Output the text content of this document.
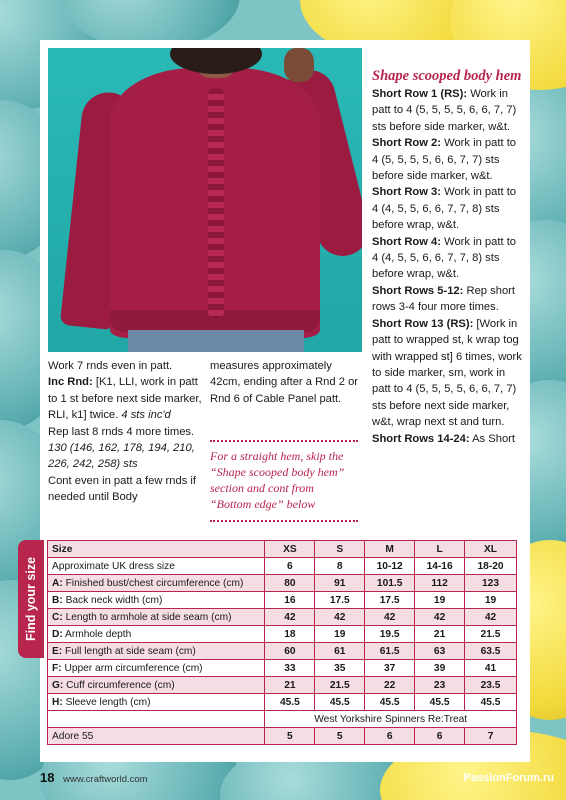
Work 7 rnds even in patt.
Inc Rnd: [K1, LLI, work in patt to 1 st before next side marker, RLI, k1] twice. 4 sts inc'd
Rep last 8 rnds 4 more times. 130 (146, 162, 178, 194, 210, 226, 242, 258) sts
Cont even in patt a few rnds if needed until Body
measures approximately 42cm, ending after a Rnd 2 or Rnd 6 of Cable Panel patt.
For a straight hem, skip the “Shape scooped body hem” section and cont from “Bottom edge” below
Shape scooped body hem
Short Row 1 (RS): Work in patt to 4 (5, 5, 5, 5, 6, 6, 7, 7) sts before side marker, w&t.
Short Row 2: Work in patt to 4 (5, 5, 5, 5, 6, 6, 7, 7) sts before side marker, w&t.
Short Row 3: Work in patt to 4 (4, 5, 5, 6, 6, 7, 7, 8) sts before wrap, w&t.
Short Row 4: Work in patt to 4 (4, 5, 5, 6, 6, 7, 7, 8) sts before wrap, w&t.
Short Rows 5-12: Rep short rows 3-4 four more times.
Short Row 13 (RS): [Work in patt to wrapped st, k wrap tog with wrapped st] 6 times, work to side marker, sm, work in patt to 4 (5, 5, 5, 5, 6, 6, 7, 7) sts before next side marker, w&t, wrap next st and turn.
Short Rows 14-24: As Short
Find your size
Size	XS	S	M	L	XL
Approximate UK dress size	6	8	10-12	14-16	18-20
A: Finished bust/chest circumference (cm)	80	91	101.5	112	123
B: Back neck width (cm)	16	17.5	17.5	19	19
C: Length to armhole at side seam (cm)	42	42	42	42	42
D: Armhole depth	18	19	19.5	21	21.5
E: Full length at side seam (cm)	60	61	61.5	63	63.5
F: Upper arm circumference (cm)	33	35	37	39	41
G: Cuff circumference (cm)	21	21.5	22	23	23.5
H: Sleeve length (cm)	45.5	45.5	45.5	45.5	45.5
	West Yorkshire Spinners Re:Treat				
Adore 55	5	5	6	6	7
18 www.craftworld.com	PassionForum.ru
